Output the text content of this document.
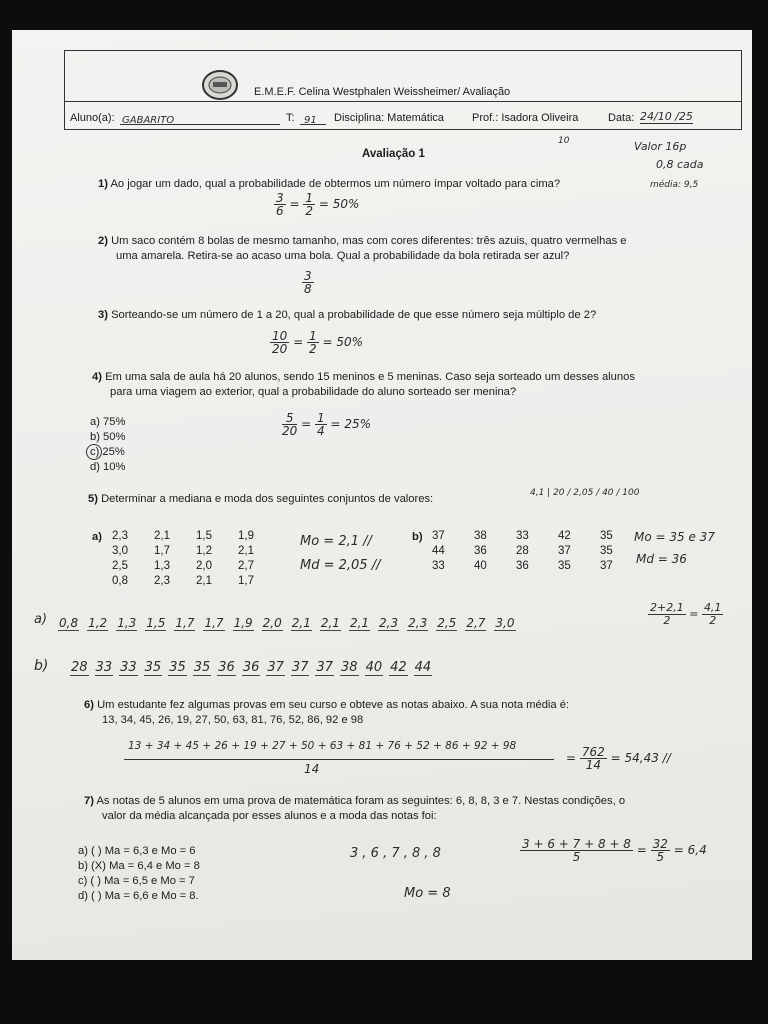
E.M.E.F. Celina Westphalen Weissheimer/ Avaliação
Aluno(a): GABARITO	T: 91	Disciplina: Matemática	Prof.: Isadora Oliveira	Data: 24/10 /25
10	Valor 16p
0,8 cada
média: 9,5
Avaliação 1
1) Ao jogar um dado, qual a probabilidade de obtermos um número ímpar voltado para cima?
$\frac{3}{6} = \frac{1}{2} = 50\%$
2) Um saco contém 8 bolas de mesmo tamanho, mas com cores diferentes: três azuis, quatro vermelhas e
uma amarela. Retira-se ao acaso uma bola. Qual a probabilidade da bola retirada ser azul?
$\frac{3}{8}$
3) Sorteando-se um número de 1 a 20, qual a probabilidade de que esse número seja múltiplo de 2?
$\frac{10}{20} = \frac{1}{2} = 50\%$
4) Em uma sala de aula há 20 alunos, sendo 15 meninos e 5 meninas. Caso seja sorteado um desses alunos
para uma viagem ao exterior, qual a probabilidade do aluno sorteado ser menina?
a) 75%
b) 50%
c) 25%
d) 10%
$\frac{5}{20} = \frac{1}{4} = 25\%$
5) Determinar a mediana e moda dos seguintes conjuntos de valores:	4,1 | 20 / 2,05 / 40 / 100
a) 2,3 2,1 1,5 1,9
3,0 1,7 1,2 2,1
2,5 1,3 2,0 2,7
0,8 2,3 2,1 1,7
Mo = 2,1 //
Md = 2,05 //
b) 37	38	33	42	35
44	36	28	37	35
33	40	36	35	37
Mo = 35 e 37
Md = 36
a) 0,8 1,2 1,3 1,5 1,7 1,7 1,9 2,0 2,1 2,1 2,1 2,3 2,3 2,5 2,7 3,0	$\frac{2+2,1}{2} = \frac{4,1}{2}$
b) 28 33 33 35 35 35 36 36 37 37 37 38 40 42 44
6) Um estudante fez algumas provas em seu curso e obteve as notas abaixo. A sua nota média é:
13, 34, 45, 26, 19, 27, 50, 63, 81, 76, 52, 86, 92 e 98
13 + 34 + 45 + 26 + 19 + 27 + 50 + 63 + 81 + 76 + 52 + 86 + 92 + 98
14
= $\frac{762}{14} = 54,43$ //
7) As notas de 5 alunos em uma prova de matemática foram as seguintes: 6, 8, 8, 3 e 7. Nestas condições, o
valor da média alcançada por esses alunos e a moda das notas foi:
a) ( ) Ma = 6,3 e Mo = 6
b) (X) Ma = 6,4 e Mo = 8
c) ( ) Ma = 6,5 e Mo = 7
d) ( ) Ma = 6,6 e Mo = 8.
3 , 6 , 7 , 8 , 8	$\frac{3 + 6 + 7 + 8 + 8}{5} = \frac{32}{5} = 6,4$
Mo = 8
